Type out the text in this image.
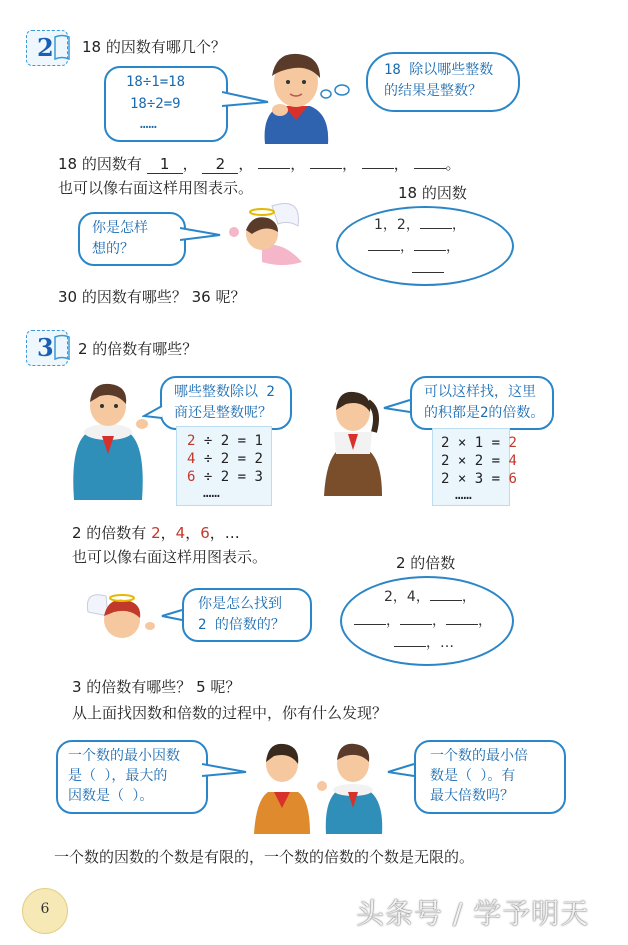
2 18 的因数有哪几个？
18÷1=18
18÷2=9
……
18 除以哪些整数
的结果是整数？
18 的因数有 1 ， 2 ， ， ， ， 。
也可以像右面这样用图表示。	18 的因数
1，2， ，
， ，
你是怎样
想的？
30 的因数有哪些？ 36 呢？
3 2 的倍数有哪些？
哪些整数除以 2
商还是整数呢？
2 ÷ 2 = 1
4 ÷ 2 = 2
6 ÷ 2 = 3
……
可以这样找，这里
的积都是2的倍数。
2 × 1 = 2
2 × 2 = 4
2 × 3 = 6
……
2 的倍数有 2，4，6，…
也可以像右面这样用图表示。	2 的倍数
2，4， ，
， ， ，
，…
你是怎么找到
2 的倍数的？
3 的倍数有哪些？ 5 呢？
从上面找因数和倍数的过程中，你有什么发现？
一个数的最小因数
是（ ），最大的
因数是（ ）。
一个数的最小倍
数是（ ）。有
最大倍数吗？
一个数的因数的个数是有限的，一个数的倍数的个数是无限的。
6	头条号 / 学予明天
